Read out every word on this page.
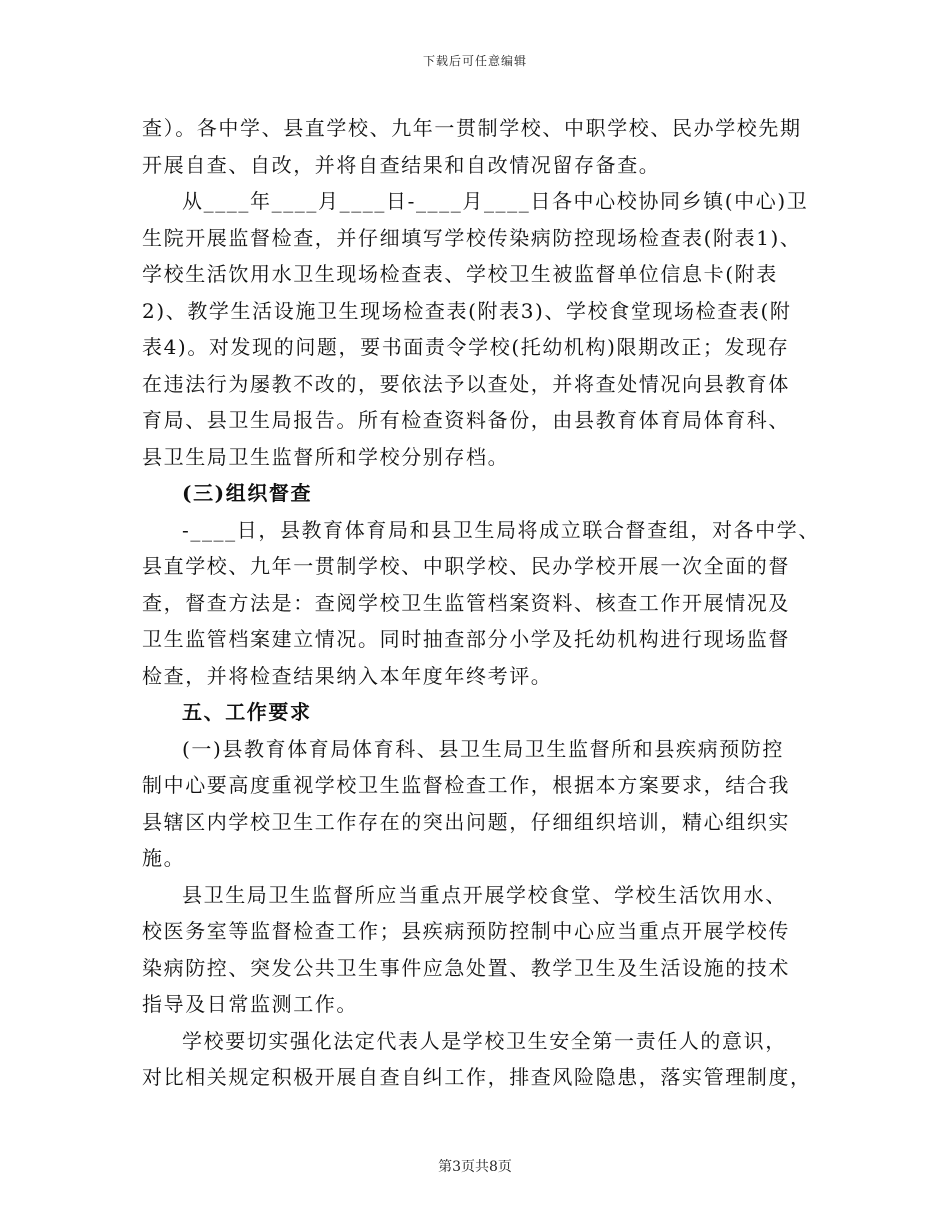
下载后可任意编辑
查）。各中学、县直学校、九年一贯制学校、中职学校、民办学校先期
开展自查、自改，并将自查结果和自改情况留存备查。
从____年____月____日-____月____日各中心校协同乡镇(中心)卫
生院开展监督检查，并仔细填写学校传染病防控现场检查表(附表1)、
学校生活饮用水卫生现场检查表、学校卫生被监督单位信息卡(附表
2)、教学生活设施卫生现场检查表(附表3)、学校食堂现场检查表(附
表4)。对发现的问题，要书面责令学校(托幼机构)限期改正；发现存
在违法行为屡教不改的，要依法予以查处，并将查处情况向县教育体
育局、县卫生局报告。所有检查资料备份，由县教育体育局体育科、
县卫生局卫生监督所和学校分别存档。
(三)组织督查
-____日，县教育体育局和县卫生局将成立联合督查组，对各中学、
县直学校、九年一贯制学校、中职学校、民办学校开展一次全面的督
查，督查方法是：查阅学校卫生监管档案资料、核查工作开展情况及
卫生监管档案建立情况。同时抽查部分小学及托幼机构进行现场监督
检查，并将检查结果纳入本年度年终考评。
五、工作要求
(一)县教育体育局体育科、县卫生局卫生监督所和县疾病预防控
制中心要高度重视学校卫生监督检查工作，根据本方案要求，结合我
县辖区内学校卫生工作存在的突出问题，仔细组织培训，精心组织实
施。
县卫生局卫生监督所应当重点开展学校食堂、学校生活饮用水、
校医务室等监督检查工作；县疾病预防控制中心应当重点开展学校传
染病防控、突发公共卫生事件应急处置、教学卫生及生活设施的技术
指导及日常监测工作。
学校要切实强化法定代表人是学校卫生安全第一责任人的意识，
对比相关规定积极开展自查自纠工作，排查风险隐患，落实管理制度，
第3页共8页
